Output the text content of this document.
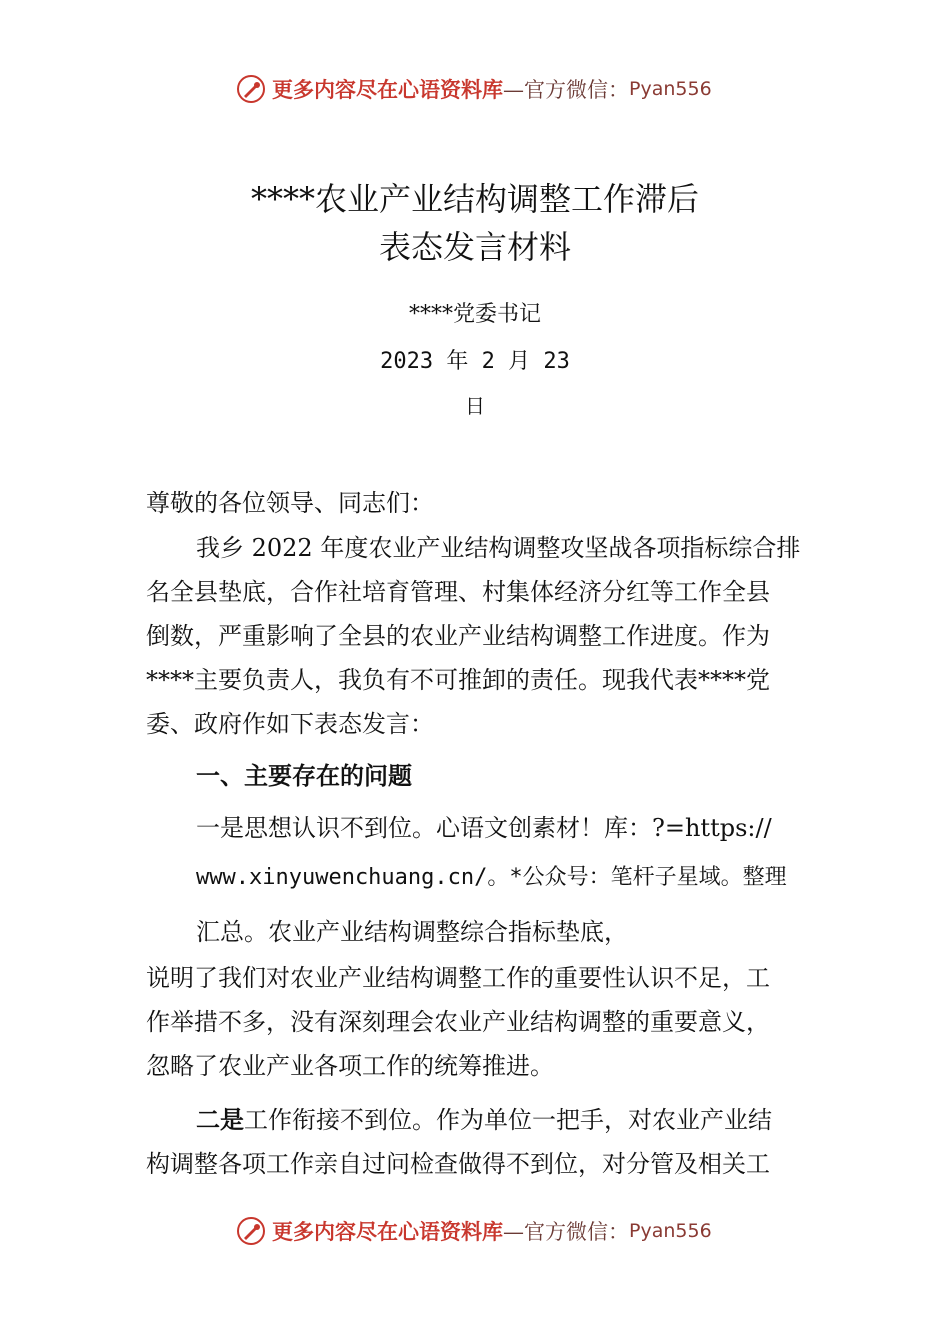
更多内容尽在心语资料库 —官方微信： Pyan556
****农业产业结构调整工作滞后
表态发言材料
****党委书记
2023 年 2 月 23
日
尊敬的各位领导、同志们：
我乡 2022 年度农业产业结构调整攻坚战各项指标综合排
名全县垫底，合作社培育管理、村集体经济分红等工作全县
倒数，严重影响了全县的农业产业结构调整工作进度。作为
****主要负责人，我负有不可推卸的责任。现我代表****党
委、政府作如下表态发言：
一、主要存在的问题
一是思想认识不到位。心语文创素材！库：?=https://
www.xinyuwenchuang.cn/。*公众号：笔杆子星域。整理
汇总。农业产业结构调整综合指标垫底，
说明了我们对农业产业结构调整工作的重要性认识不足，工
作举措不多，没有深刻理会农业产业结构调整的重要意义，
忽略了农业产业各项工作的统筹推进。
二是工作衔接不到位。作为单位一把手，对农业产业结
构调整各项工作亲自过问检查做得不到位，对分管及相关工
更多内容尽在心语资料库 —官方微信： Pyan556
